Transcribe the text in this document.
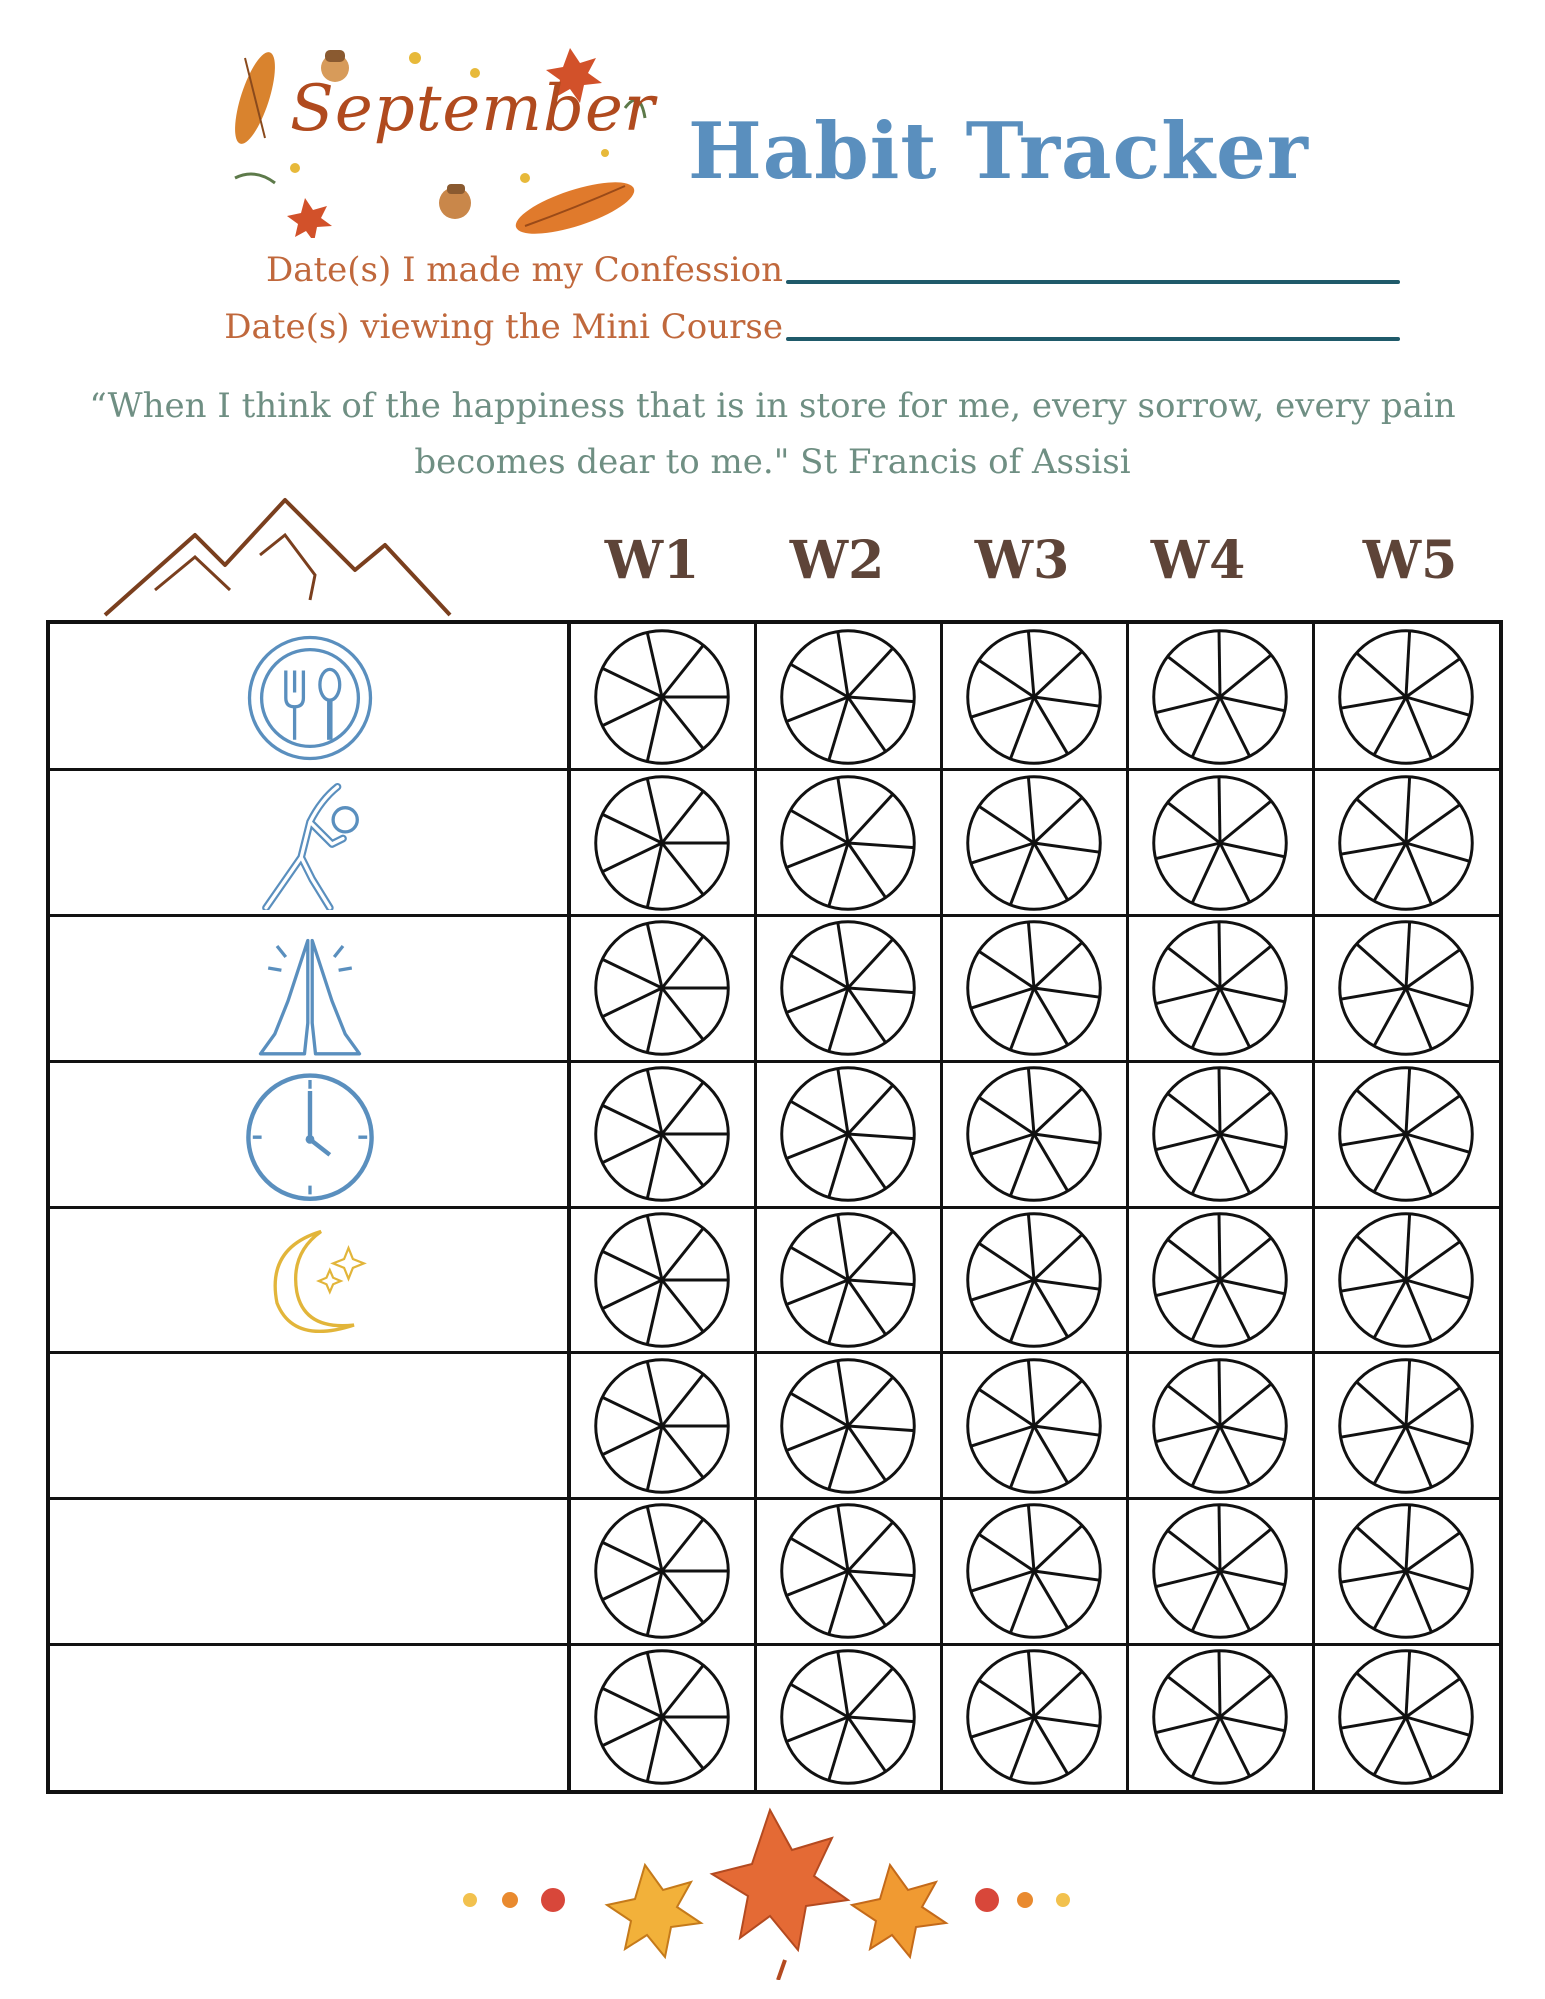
September Habit Tracker
Date(s) I made my Confession
Date(s) viewing the Mini Course
“When I think of the happiness that is in store for me, every sorrow, every pain
becomes dear to me." St Francis of Assisi
W1	W2	W3	W4	W5
